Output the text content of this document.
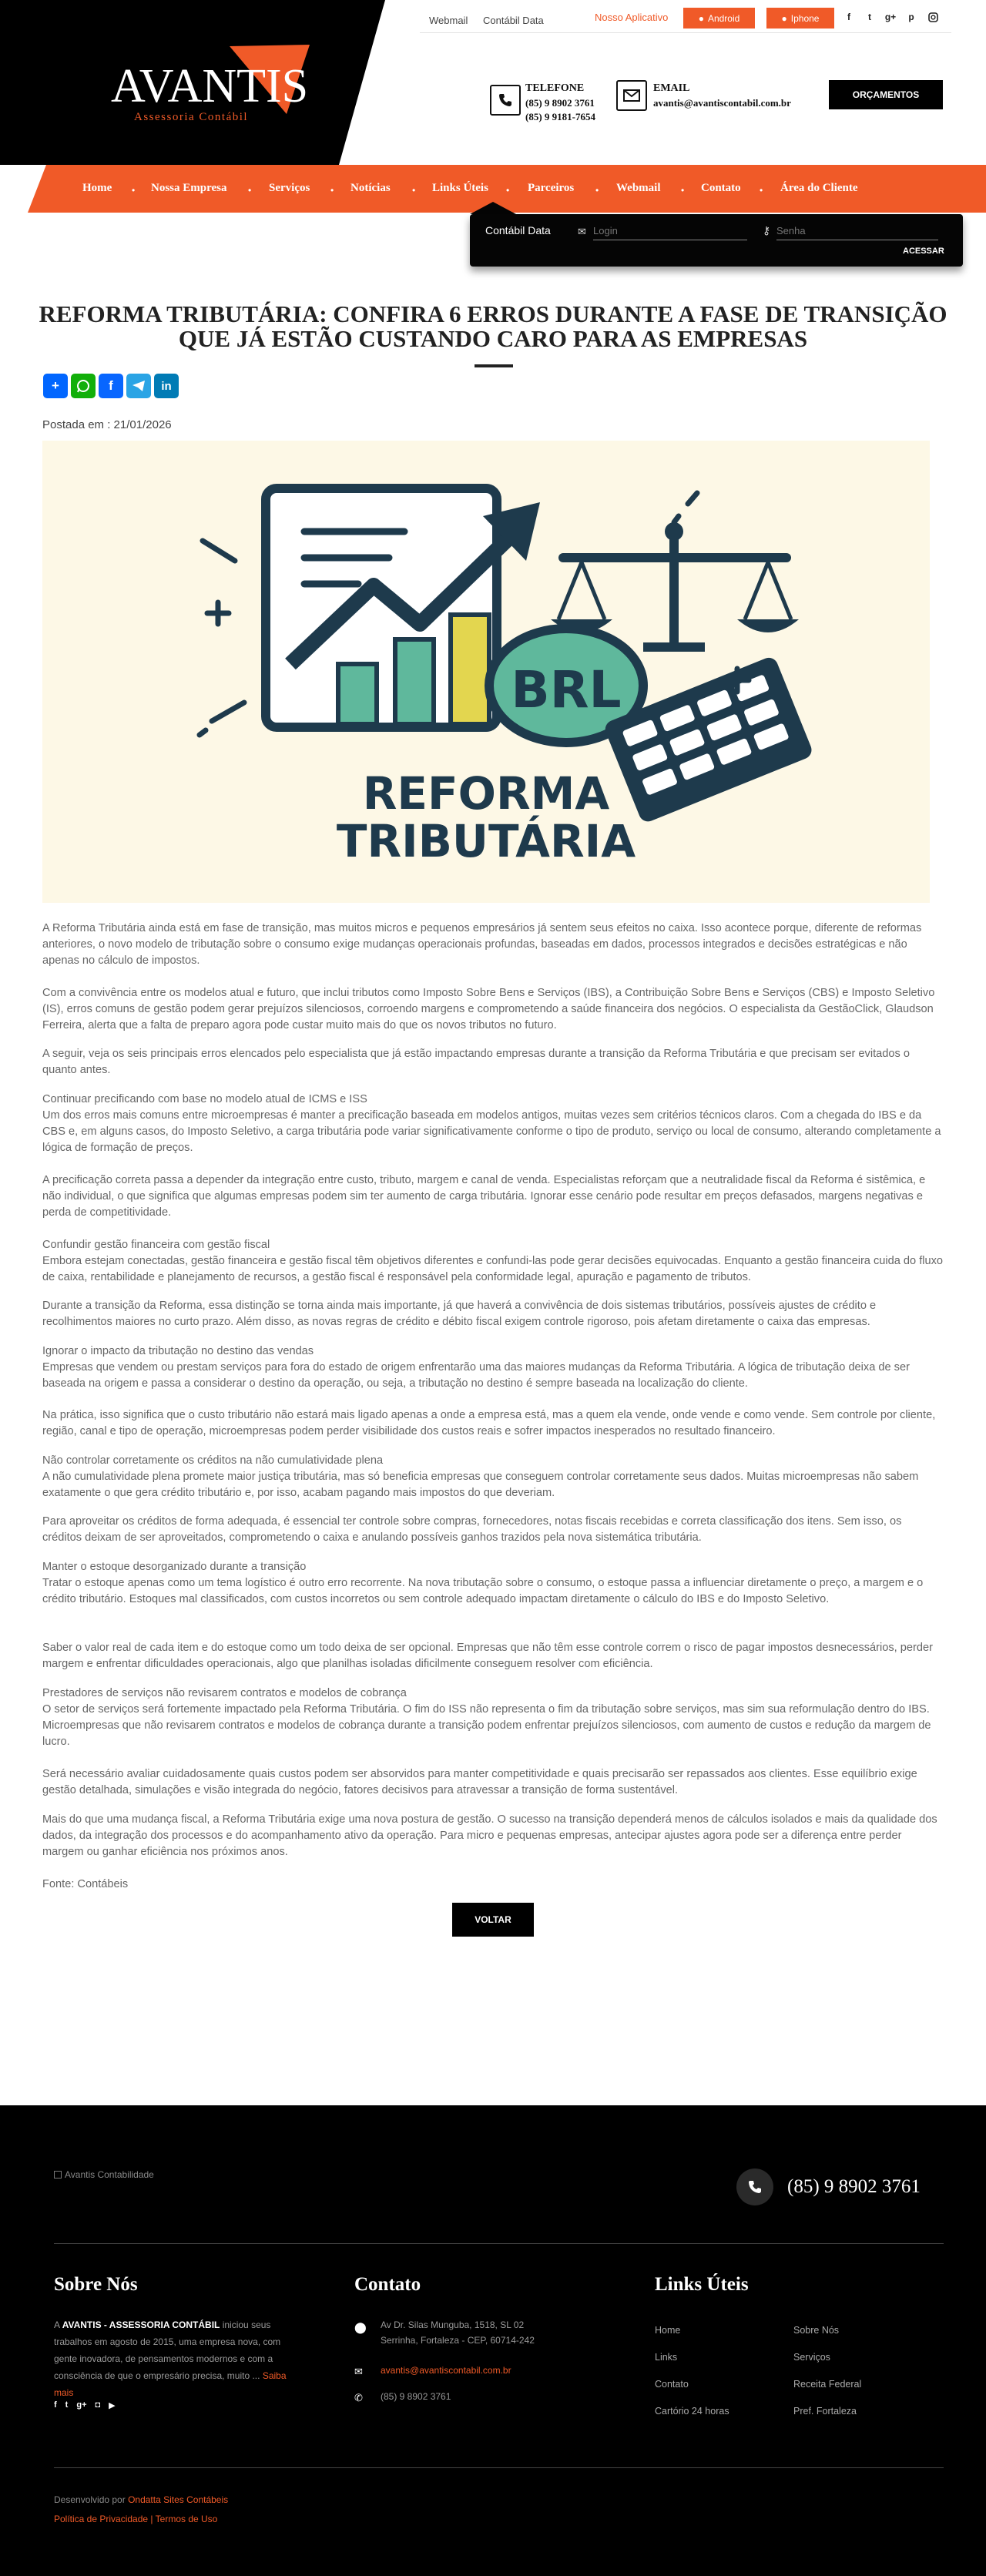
AVANTIS
Assessoria Contábil
Webmail Contábil Data	Nosso Aplicativo	● Android	● Iphone	f	t	g+	p
TELEFONE
(85) 9 8902 3761
(85) 9 9181-7654
EMAIL
avantis@avantiscontabil.com.br
ORÇAMENTOS
Home • Nossa Empresa • Serviços • Notícias • Links Úteis • Parceiros • Webmail • Contato • Área do Cliente
Contábil Data	✉
Login	⚷
ACESSAR
REFORMA TRIBUTÁRIA: CONFIRA 6 ERROS DURANTE A FASE DE TRANSIÇÃO
QUE JÁ ESTÃO CUSTANDO CARO PARA AS EMPRESAS
+	f	in
Postada em : 21/01/2026
BRL
REFORMA
TRIBUTÁRIA

A Reforma Tributária ainda está em fase de transição, mas muitos micros e pequenos empresários já sentem seus efeitos no caixa. Isso acontece porque, diferente de reformas anteriores, o novo modelo de tributação sobre o consumo exige mudanças operacionais profundas, baseadas em dados, processos integrados e decisões estratégicas e não apenas no cálculo de impostos.

Com a convivência entre os modelos atual e futuro, que inclui tributos como Imposto Sobre Bens e Serviços (IBS), a Contribuição Sobre Bens e Serviços (CBS) e Imposto Seletivo (IS), erros comuns de gestão podem gerar prejuízos silenciosos, corroendo margens e comprometendo a saúde financeira dos negócios. O especialista da GestãoClick, Glaudson Ferreira, alerta que a falta de preparo agora pode custar muito mais do que os novos tributos no futuro.

A seguir, veja os seis principais erros elencados pelo especialista que já estão impactando empresas durante a transição da Reforma Tributária e que precisam ser evitados o quanto antes.

Continuar precificando com base no modelo atual de ICMS e ISS
Um dos erros mais comuns entre microempresas é manter a precificação baseada em modelos antigos, muitas vezes sem critérios técnicos claros. Com a chegada do IBS e da CBS e, em alguns casos, do Imposto Seletivo, a carga tributária pode variar significativamente conforme o tipo de produto, serviço ou local de consumo, alterando completamente a lógica de formação de preços.

A precificação correta passa a depender da integração entre custo, tributo, margem e canal de venda. Especialistas reforçam que a neutralidade fiscal da Reforma é sistêmica, e não individual, o que significa que algumas empresas podem sim ter aumento de carga tributária. Ignorar esse cenário pode resultar em preços defasados, margens negativas e perda de competitividade.

Confundir gestão financeira com gestão fiscal
Embora estejam conectadas, gestão financeira e gestão fiscal têm objetivos diferentes e confundi-las pode gerar decisões equivocadas. Enquanto a gestão financeira cuida do fluxo de caixa, rentabilidade e planejamento de recursos, a gestão fiscal é responsável pela conformidade legal, apuração e pagamento de tributos.

Durante a transição da Reforma, essa distinção se torna ainda mais importante, já que haverá a convivência de dois sistemas tributários, possíveis ajustes de crédito e recolhimentos maiores no curto prazo. Além disso, as novas regras de crédito e débito fiscal exigem controle rigoroso, pois afetam diretamente o caixa das empresas.

Ignorar o impacto da tributação no destino das vendas
Empresas que vendem ou prestam serviços para fora do estado de origem enfrentarão uma das maiores mudanças da Reforma Tributária. A lógica de tributação deixa de ser baseada na origem e passa a considerar o destino da operação, ou seja, a tributação no destino é sempre baseada na localização do cliente.

Na prática, isso significa que o custo tributário não estará mais ligado apenas a onde a empresa está, mas a quem ela vende, onde vende e como vende. Sem controle por cliente, região, canal e tipo de operação, microempresas podem perder visibilidade dos custos reais e sofrer impactos inesperados no resultado financeiro.

Não controlar corretamente os créditos na não cumulatividade plena
A não cumulatividade plena promete maior justiça tributária, mas só beneficia empresas que conseguem controlar corretamente seus dados. Muitas microempresas não sabem exatamente o que gera crédito tributário e, por isso, acabam pagando mais impostos do que deveriam.

Para aproveitar os créditos de forma adequada, é essencial ter controle sobre compras, fornecedores, notas fiscais recebidas e correta classificação dos itens. Sem isso, os créditos deixam de ser aproveitados, comprometendo o caixa e anulando possíveis ganhos trazidos pela nova sistemática tributária.

Manter o estoque desorganizado durante a transição
Tratar o estoque apenas como um tema logístico é outro erro recorrente. Na nova tributação sobre o consumo, o estoque passa a influenciar diretamente o preço, a margem e o crédito tributário. Estoques mal classificados, com custos incorretos ou sem controle adequado impactam diretamente o cálculo do IBS e do Imposto Seletivo.

Saber o valor real de cada item e do estoque como um todo deixa de ser opcional. Empresas que não têm esse controle correm o risco de pagar impostos desnecessários, perder margem e enfrentar dificuldades operacionais, algo que planilhas isoladas dificilmente conseguem resolver com eficiência.

Prestadores de serviços não revisarem contratos e modelos de cobrança
O setor de serviços será fortemente impactado pela Reforma Tributária. O fim do ISS não representa o fim da tributação sobre serviços, mas sim sua reformulação dentro do IBS. Microempresas que não revisarem contratos e modelos de cobrança durante a transição podem enfrentar prejuízos silenciosos, com aumento de custos e redução da margem de lucro.

Será necessário avaliar cuidadosamente quais custos podem ser absorvidos para manter competitividade e quais precisarão ser repassados aos clientes. Esse equilíbrio exige gestão detalhada, simulações e visão integrada do negócio, fatores decisivos para atravessar a transição de forma sustentável.

Mais do que uma mudança fiscal, a Reforma Tributária exige uma nova postura de gestão. O sucesso na transição dependerá menos de cálculos isolados e mais da qualidade dos dados, da integração dos processos e do acompanhamento ativo da operação. Para micro e pequenas empresas, antecipar ajustes agora pode ser a diferença entre perder margem ou ganhar eficiência nos próximos anos.

Fonte: Contábeis

VOLTAR
Avantis Contabilidade
(85) 9 8902 3761
Sobre Nós

A AVANTIS - ASSESSORIA CONTÁBIL iniciou seus trabalhos em agosto de 2015, uma empresa nova, com gente inovadora, de pensamentos modernos e com a consciência de que o empresário precisa, muito ... Saiba mais

f t g+ ◘ ▶
Contato
⬤ Av Dr. Silas Munguba, 1518, SL 02
Serrinha, Fortaleza - CEP, 60714-242
✉ avantis@avantiscontabil.com.br
✆ (85) 9 8902 3761
Links Úteis
Home
Links
Contato
Cartório 24 horas
Sobre Nós
Serviços
Receita Federal
Pref. Fortaleza

Desenvolvido por Ondatta Sites Contábeis

Política de Privacidade | Termos de Uso
